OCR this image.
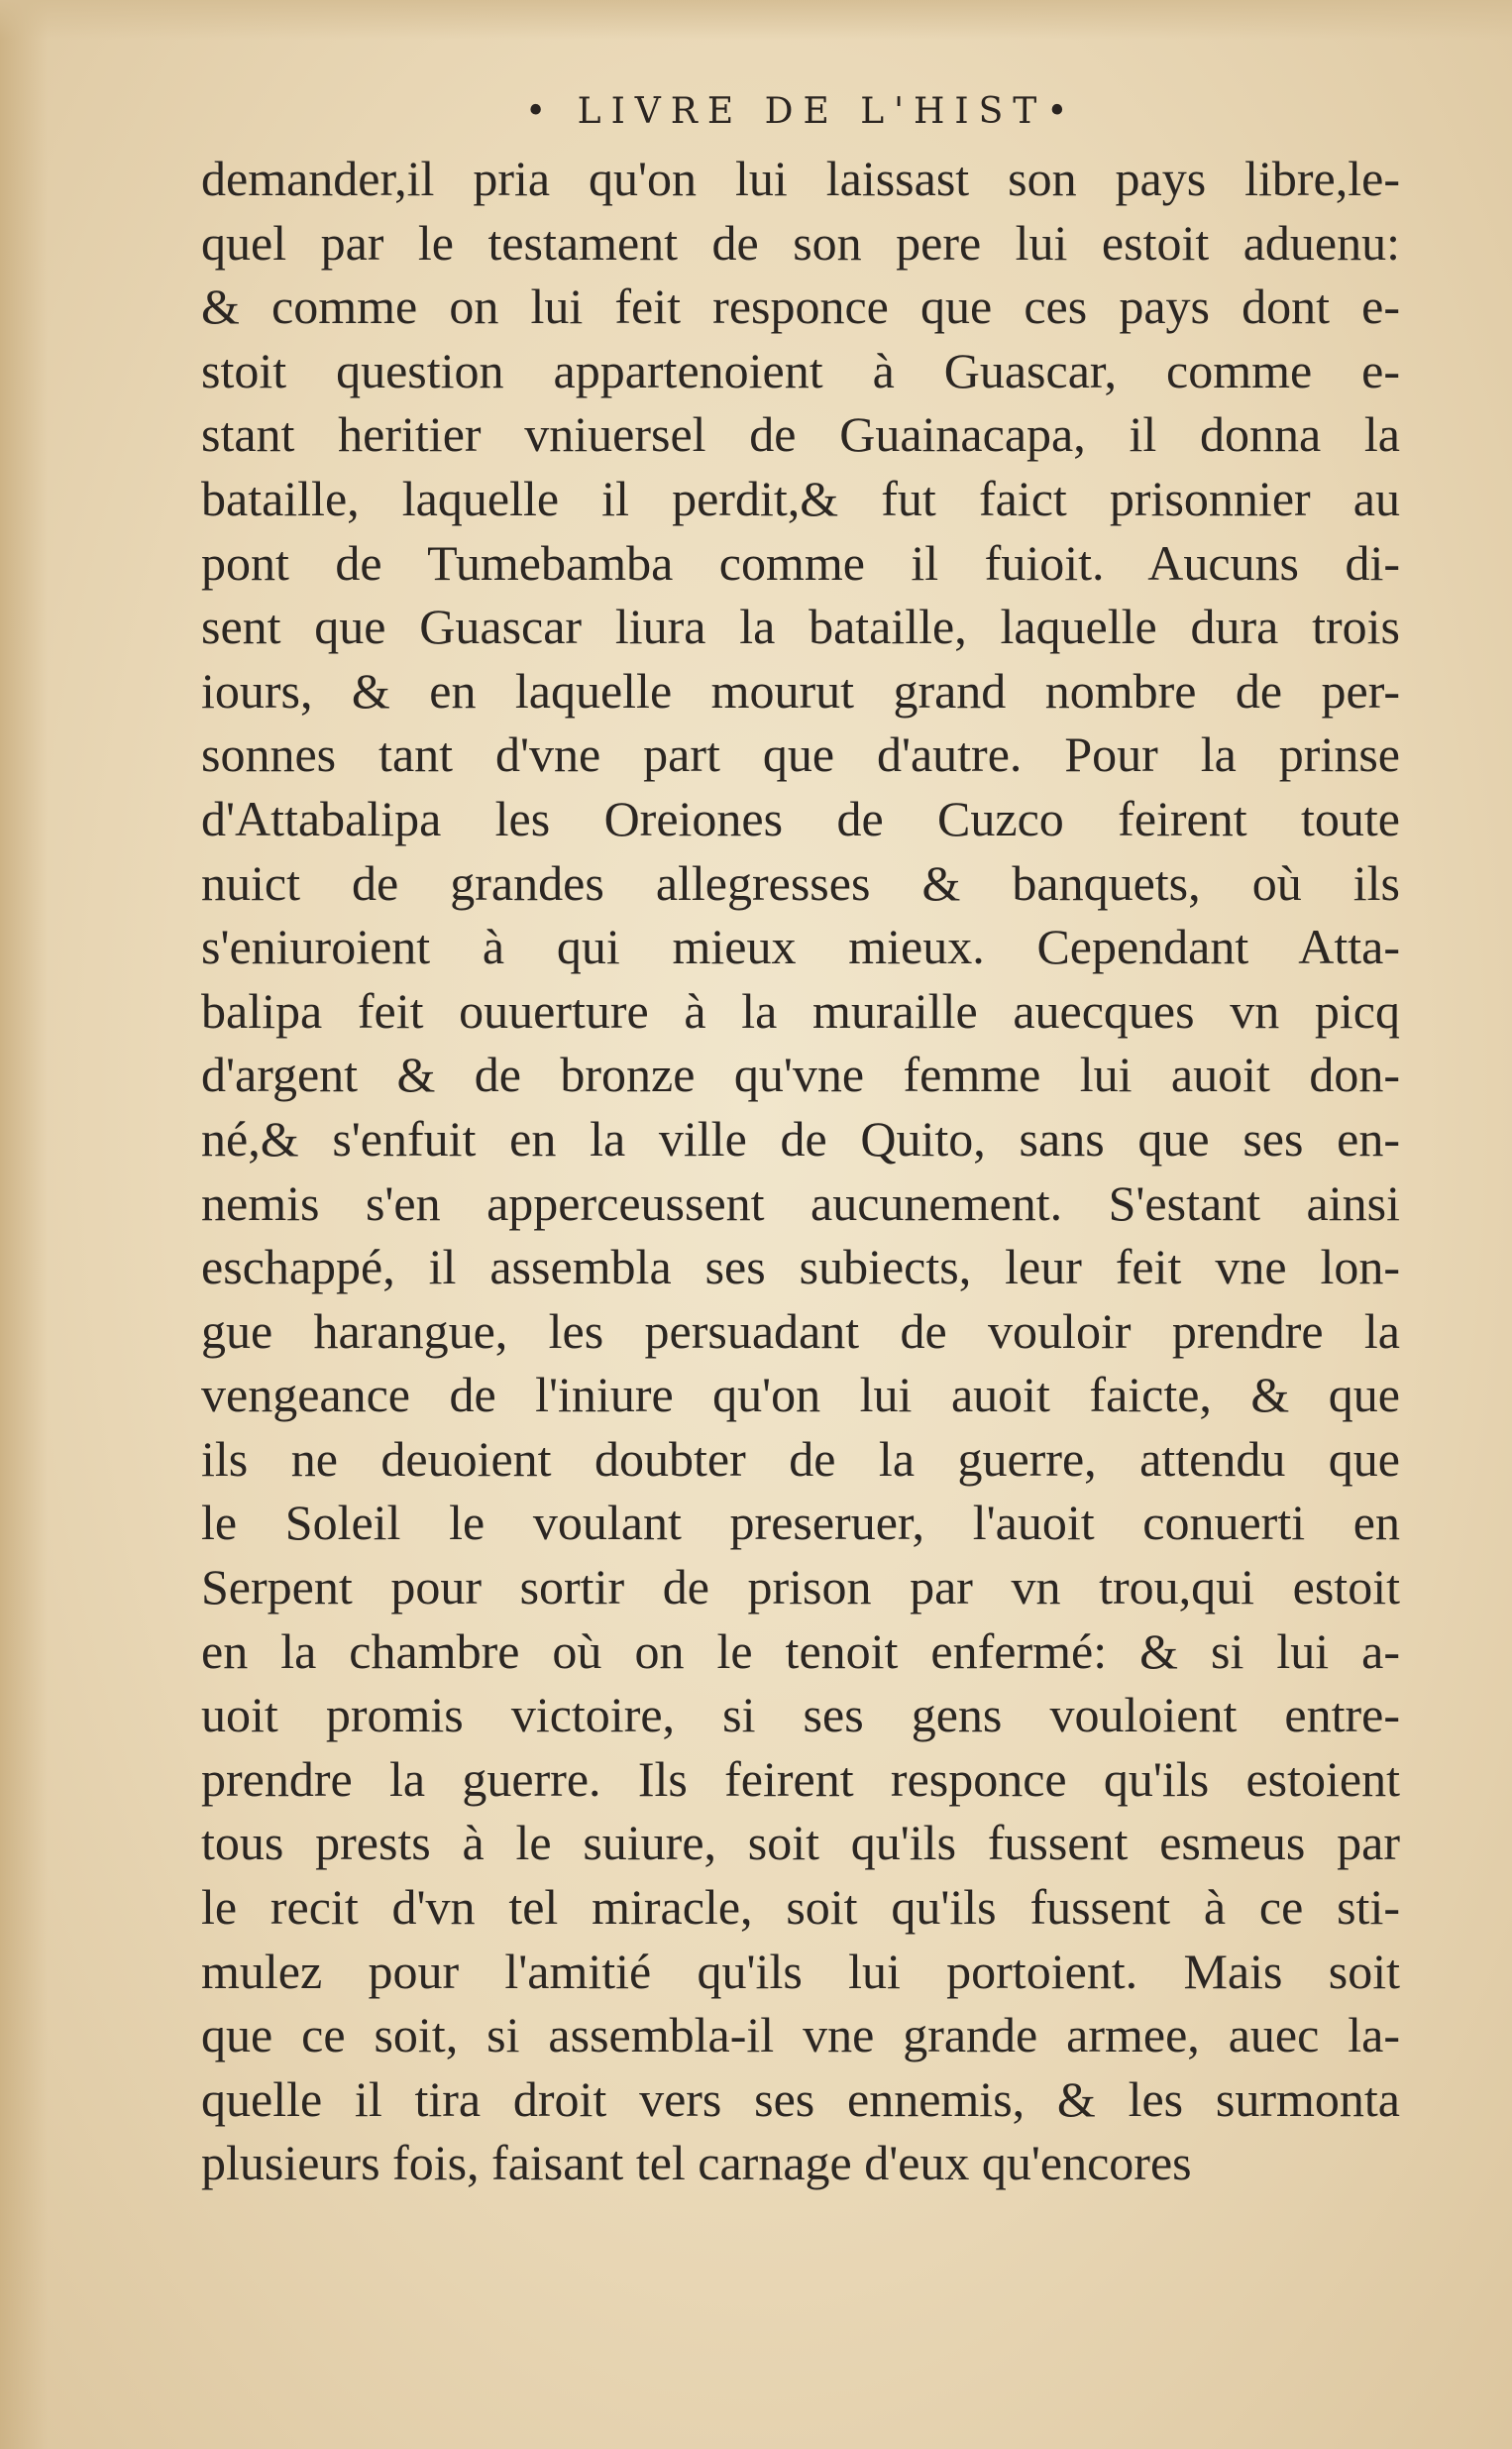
• LIVRE DE L'HIST•
demander,il pria qu'on lui laissast son pays libre,le-
quel par le testament de son pere lui estoit aduenu:
& comme on lui feit responce que ces pays dont e-
stoit question appartenoient à Guascar, comme e-
stant heritier vniuersel de Guainacapa, il donna la
bataille, laquelle il perdit,& fut faict prisonnier au
pont de Tumebamba comme il fuioit. Aucuns di-
sent que Guascar liura la bataille, laquelle dura trois
iours, & en laquelle mourut grand nombre de per-
sonnes tant d'vne part que d'autre. Pour la prinse
d'Attabalipa les Oreiones de Cuzco feirent toute
nuict de grandes allegresses & banquets, où ils
s'eniuroient à qui mieux mieux. Cependant Atta-
balipa feit ouuerture à la muraille auecques vn picq
d'argent & de bronze qu'vne femme lui auoit don-
né,& s'enfuit en la ville de Quito, sans que ses en-
nemis s'en apperceussent aucunement. S'estant ainsi
eschappé, il assembla ses subiects, leur feit vne lon-
gue harangue, les persuadant de vouloir prendre la
vengeance de l'iniure qu'on lui auoit faicte, & que
ils ne deuoient doubter de la guerre, attendu que
le Soleil le voulant preseruer, l'auoit conuerti en
Serpent pour sortir de prison par vn trou,qui estoit
en la chambre où on le tenoit enfermé: & si lui a-
uoit promis victoire, si ses gens vouloient entre-
prendre la guerre. Ils feirent responce qu'ils estoient
tous prests à le suiure, soit qu'ils fussent esmeus par
le recit d'vn tel miracle, soit qu'ils fussent à ce sti-
mulez pour l'amitié qu'ils lui portoient. Mais soit
que ce soit, si assembla-il vne grande armee, auec la-
quelle il tira droit vers ses ennemis, & les surmonta
plusieurs fois, faisant tel carnage d'eux qu'encores
